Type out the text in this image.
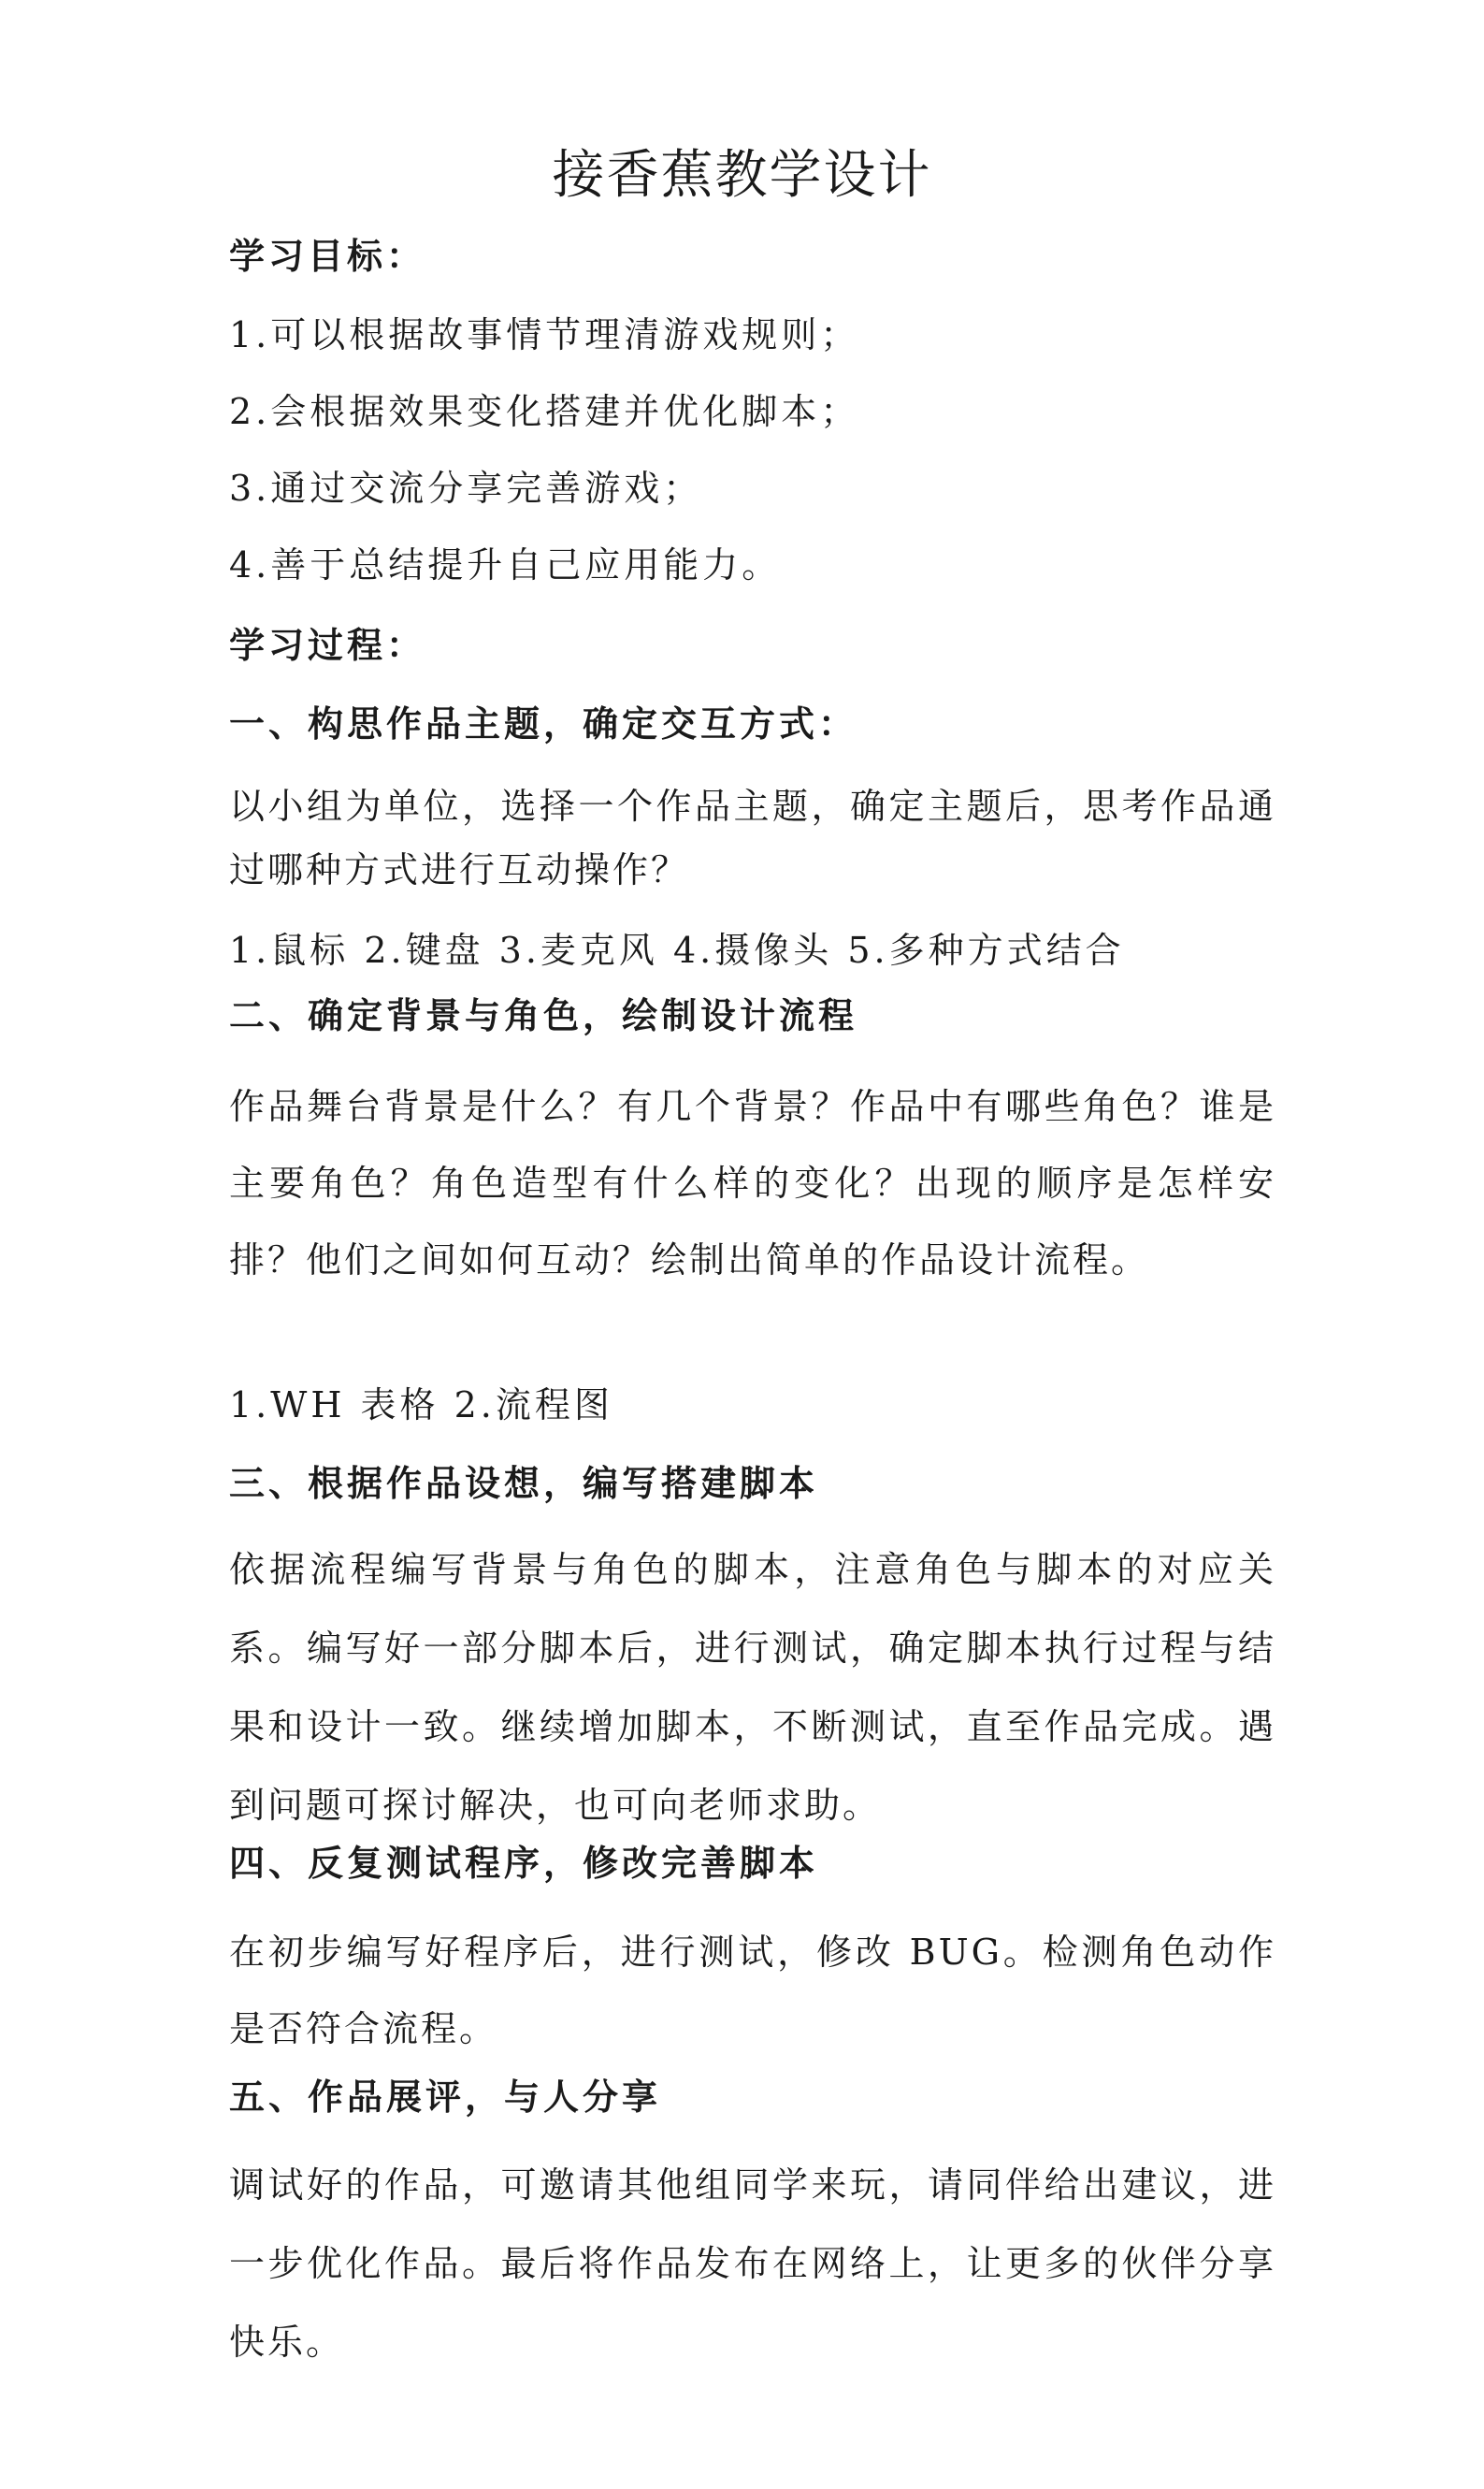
接香蕉教学设计

学习目标：

1.可以根据故事情节理清游戏规则；

2.会根据效果变化搭建并优化脚本；

3.通过交流分享完善游戏；

4.善于总结提升自己应用能力。

学习过程：

一、构思作品主题，确定交互方式：

以小组为单位，选择一个作品主题，确定主题后，思考作品通过哪种方式进行互动操作？

1.鼠标 2.键盘 3.麦克风 4.摄像头 5.多种方式结合

二、确定背景与角色，绘制设计流程

作品舞台背景是什么？有几个背景？作品中有哪些角色？谁是主要角色？角色造型有什么样的变化？出现的顺序是怎样安排？他们之间如何互动？绘制出简单的作品设计流程。

1.WH 表格 2.流程图

三、根据作品设想，编写搭建脚本

依据流程编写背景与角色的脚本，注意角色与脚本的对应关系。编写好一部分脚本后，进行测试，确定脚本执行过程与结果和设计一致。继续增加脚本，不断测试，直至作品完成。遇到问题可探讨解决，也可向老师求助。

四、反复测试程序，修改完善脚本

在初步编写好程序后，进行测试，修改 BUG。检测角色动作是否符合流程。

五、作品展评，与人分享

调试好的作品，可邀请其他组同学来玩，请同伴给出建议，进一步优化作品。最后将作品发布在网络上，让更多的伙伴分享快乐。
